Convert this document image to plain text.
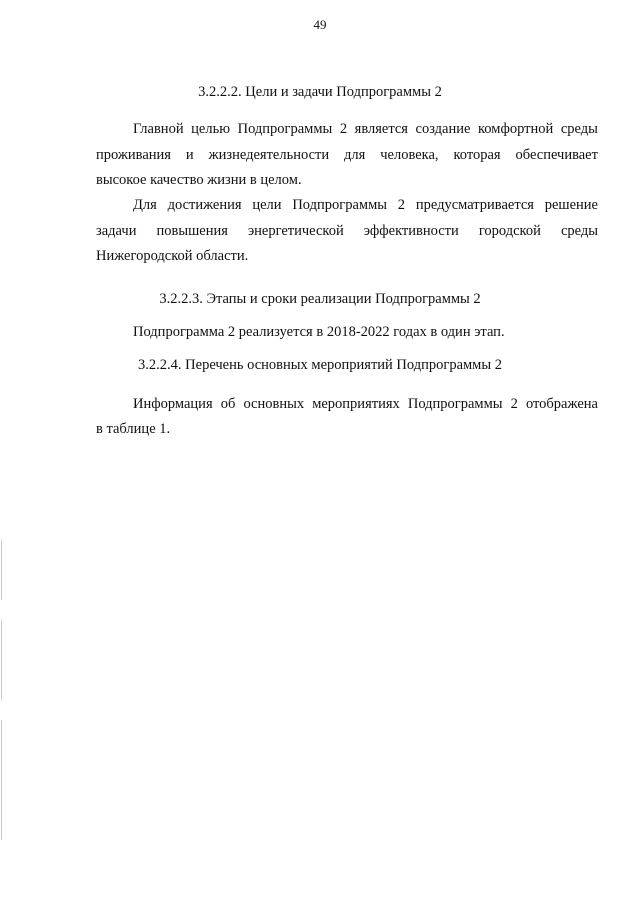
49
3.2.2.2. Цели и задачи Подпрограммы 2
Главной целью Подпрограммы 2 является создание комфортной среды
проживания и жизнедеятельности для человека, которая обеспечивает
высокое качество жизни в целом.
Для достижения цели Подпрограммы 2 предусматривается решение
задачи повышения энергетической эффективности городской среды
Нижегородской области.
3.2.2.3. Этапы и сроки реализации Подпрограммы 2
Подпрограмма 2 реализуется в 2018-2022 годах в один этап.
3.2.2.4. Перечень основных мероприятий Подпрограммы 2
Информация об основных мероприятиях Подпрограммы 2 отображена
в таблице 1.
